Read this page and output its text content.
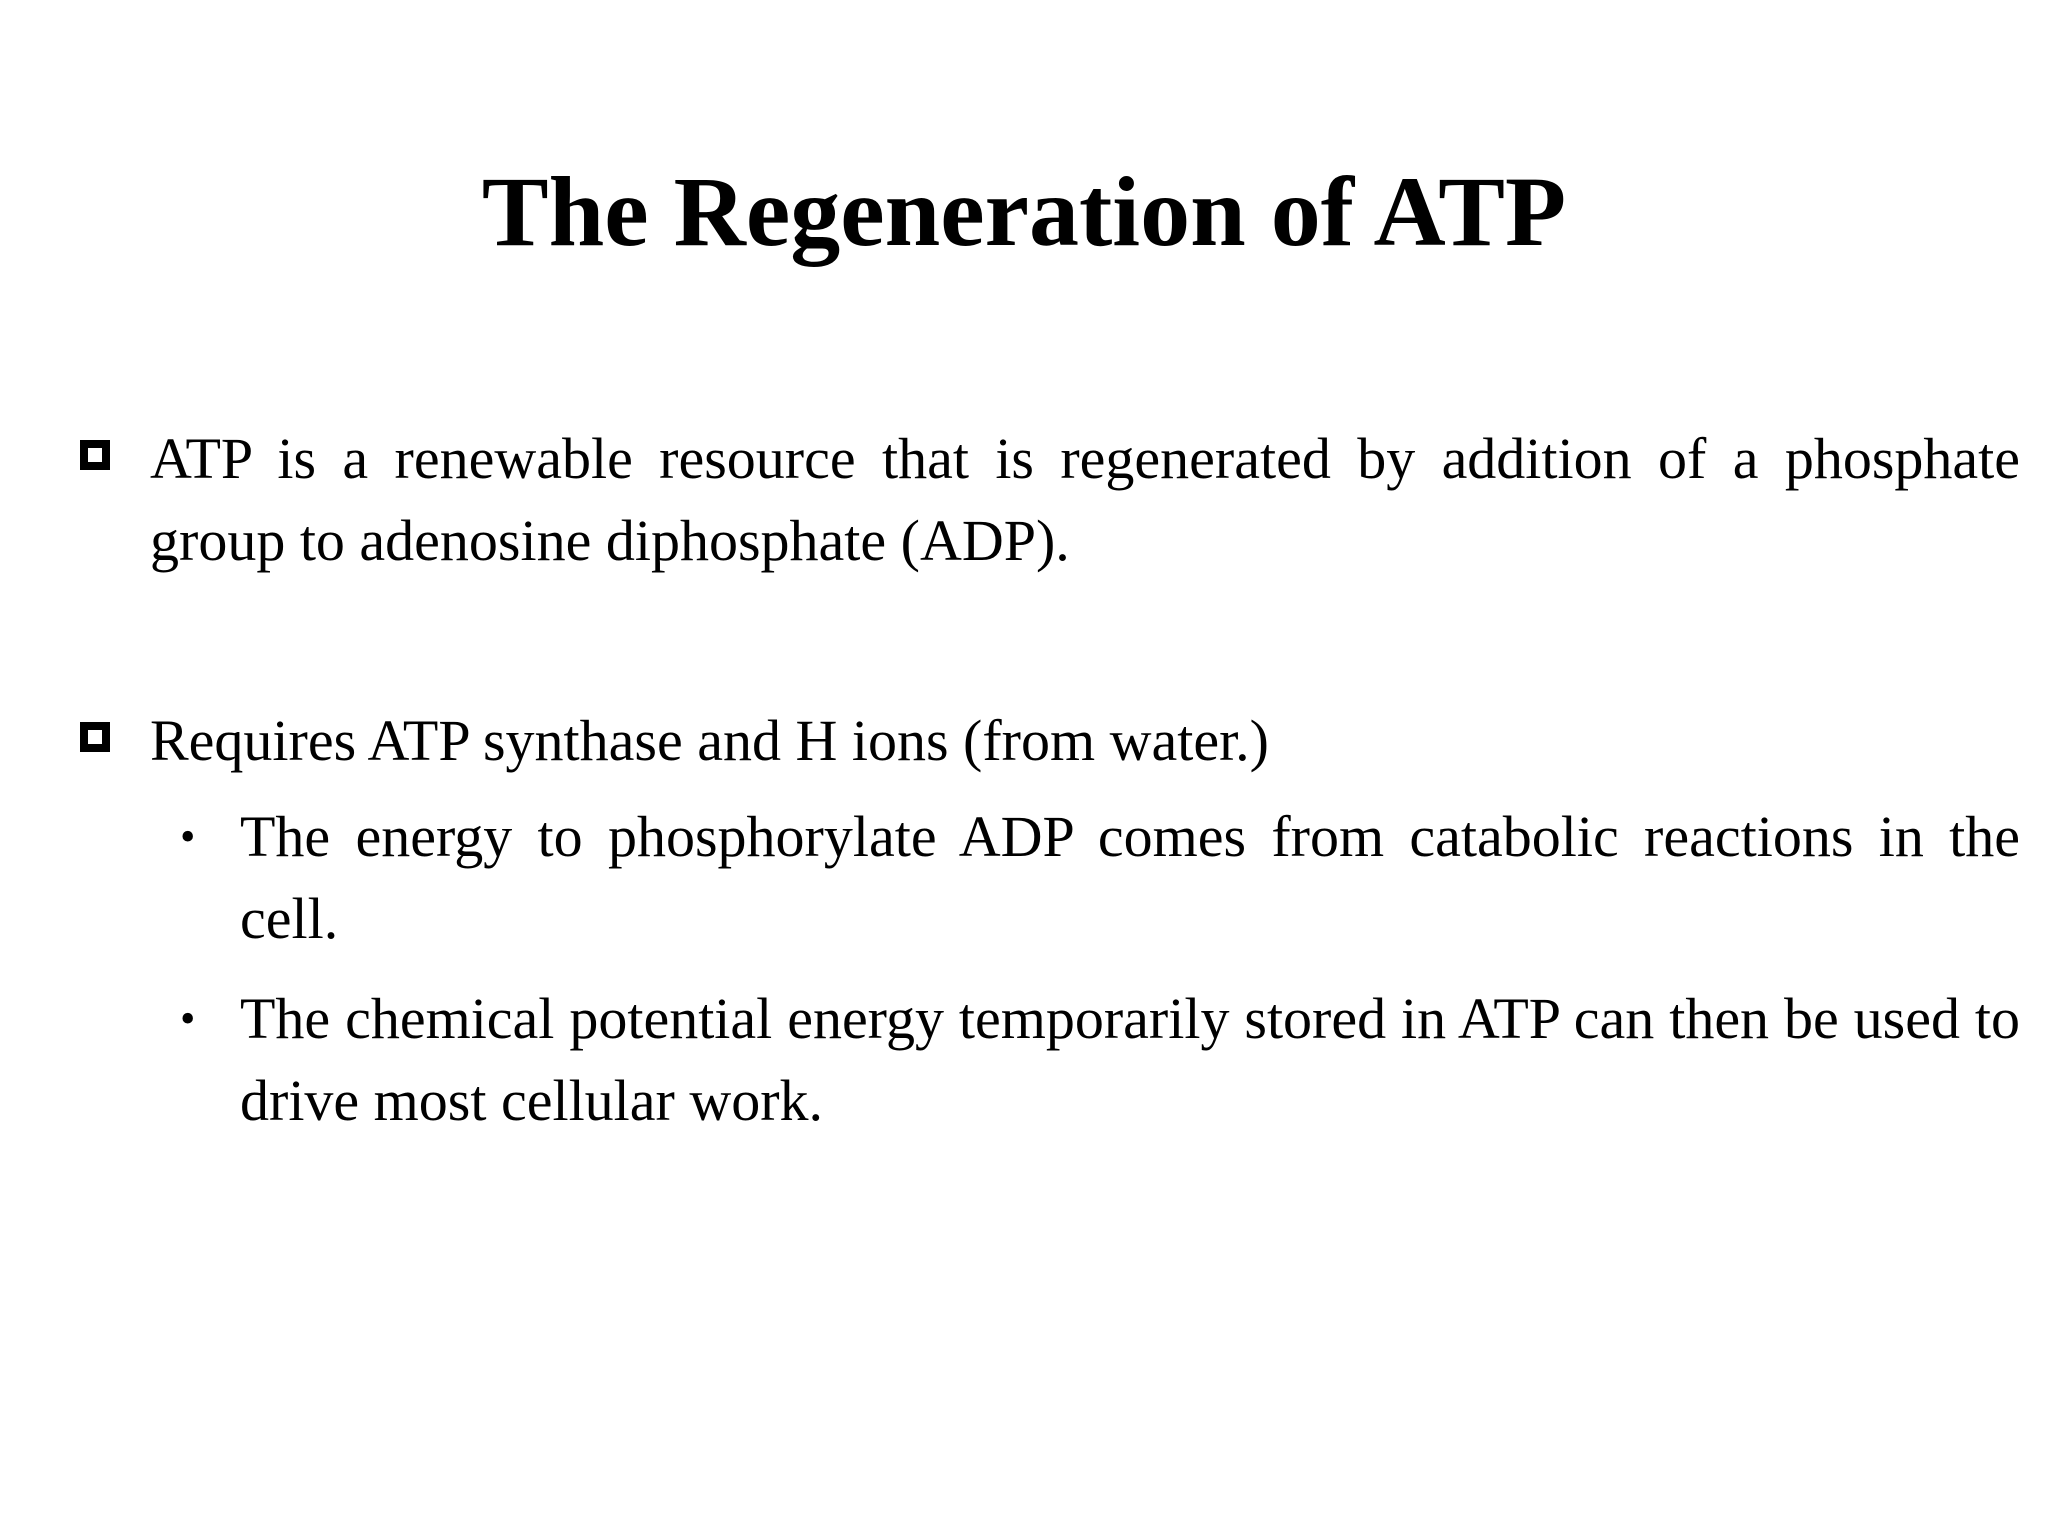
The Regeneration of ATP
ATP is a renewable resource that is regenerated by addition of a phosphate group to adenosine diphosphate (ADP).
Requires ATP synthase and H ions (from water.)
• The energy to phosphorylate ADP comes from catabolic reactions in the cell.
• The chemical potential energy temporarily stored in ATP can then be used to drive most cellular work.
